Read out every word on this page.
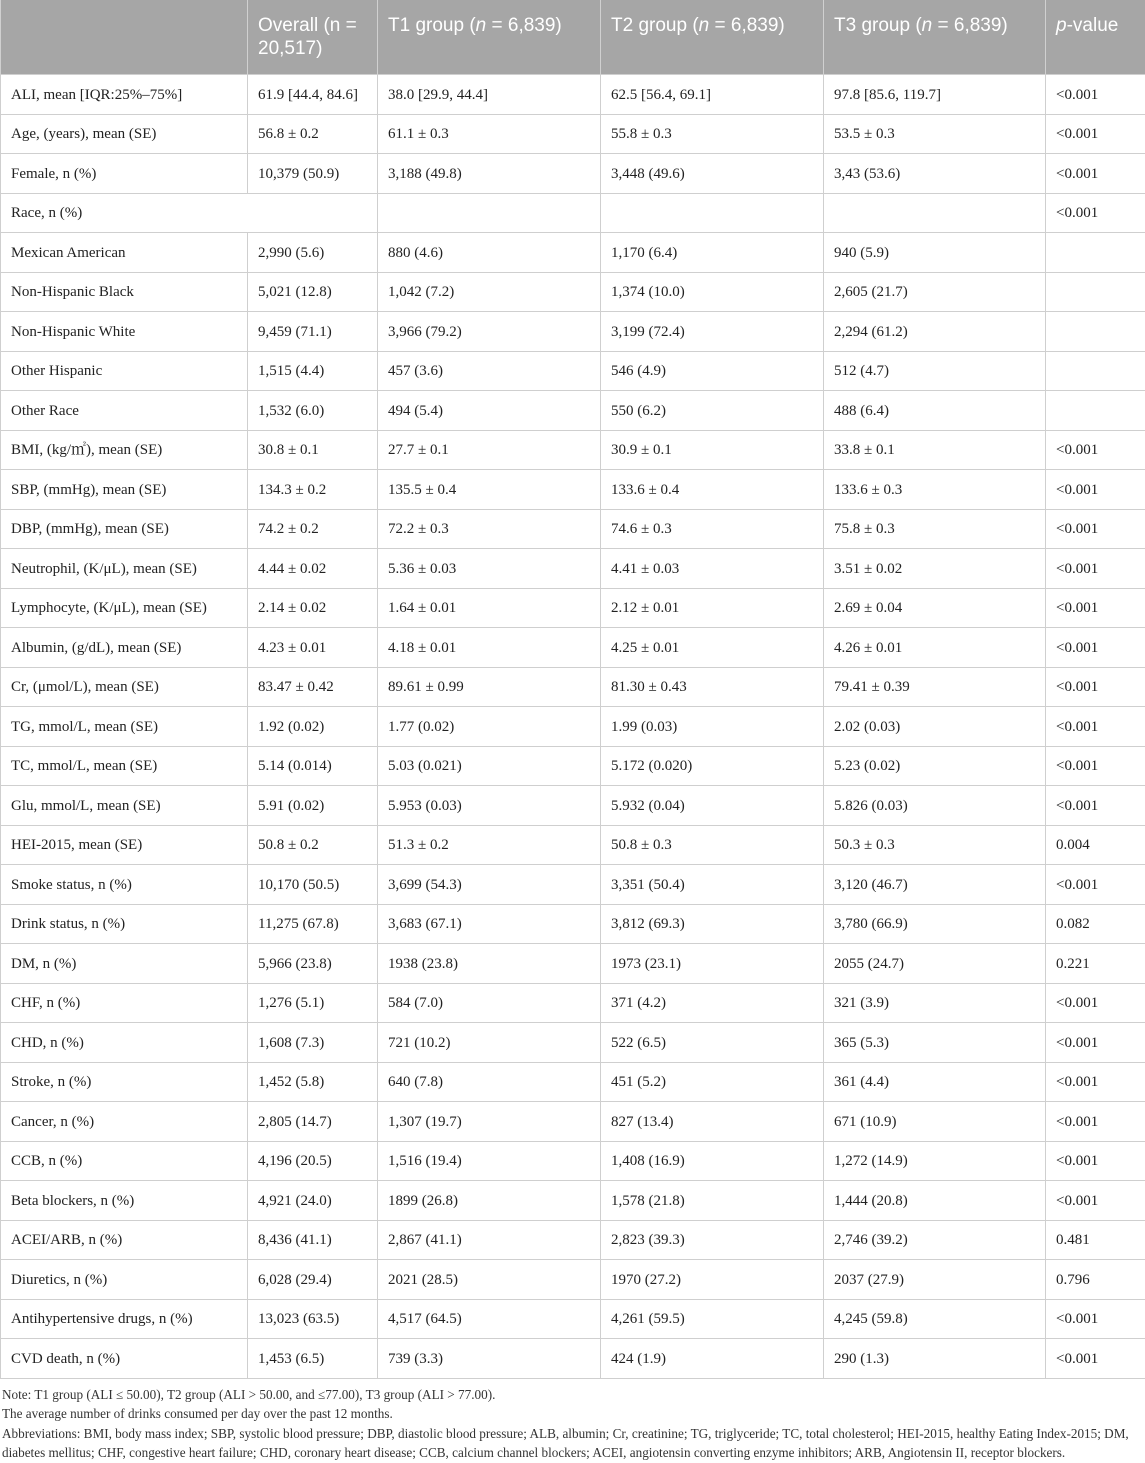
	Overall (n = 20,517)	T1 group (n = 6,839)	T2 group (n = 6,839)	T3 group (n = 6,839)	p-value
ALI, mean [IQR:25%–75%]	61.9 [44.4, 84.6]	38.0 [29.9, 44.4]	62.5 [56.4, 69.1]	97.8 [85.6, 119.7]	<0.001
Age, (years), mean (SE)	56.8 ± 0.2	61.1 ± 0.3	55.8 ± 0.3	53.5 ± 0.3	<0.001
Female, n (%)	10,379 (50.9)	3,188 (49.8)	3,448 (49.6)	3,43 (53.6)	<0.001
Race, n (%)					<0.001
Mexican American	2,990 (5.6)	880 (4.6)	1,170 (6.4)	940 (5.9)	
Non-Hispanic Black	5,021 (12.8)	1,042 (7.2)	1,374 (10.0)	2,605 (21.7)	
Non-Hispanic White	9,459 (71.1)	3,966 (79.2)	3,199 (72.4)	2,294 (61.2)	
Other Hispanic	1,515 (4.4)	457 (3.6)	546 (4.9)	512 (4.7)	
Other Race	1,532 (6.0)	494 (5.4)	550 (6.2)	488 (6.4)	
BMI, (kg/㎡), mean (SE)	30.8 ± 0.1	27.7 ± 0.1	30.9 ± 0.1	33.8 ± 0.1	<0.001
SBP, (mmHg), mean (SE)	134.3 ± 0.2	135.5 ± 0.4	133.6 ± 0.4	133.6 ± 0.3	<0.001
DBP, (mmHg), mean (SE)	74.2 ± 0.2	72.2 ± 0.3	74.6 ± 0.3	75.8 ± 0.3	<0.001
Neutrophil, (K/μL), mean (SE)	4.44 ± 0.02	5.36 ± 0.03	4.41 ± 0.03	3.51 ± 0.02	<0.001
Lymphocyte, (K/μL), mean (SE)	2.14 ± 0.02	1.64 ± 0.01	2.12 ± 0.01	2.69 ± 0.04	<0.001
Albumin, (g/dL), mean (SE)	4.23 ± 0.01	4.18 ± 0.01	4.25 ± 0.01	4.26 ± 0.01	<0.001
Cr, (μmol/L), mean (SE)	83.47 ± 0.42	89.61 ± 0.99	81.30 ± 0.43	79.41 ± 0.39	<0.001
TG, mmol/L, mean (SE)	1.92 (0.02)	1.77 (0.02)	1.99 (0.03)	2.02 (0.03)	<0.001
TC, mmol/L, mean (SE)	5.14 (0.014)	5.03 (0.021)	5.172 (0.020)	5.23 (0.02)	<0.001
Glu, mmol/L, mean (SE)	5.91 (0.02)	5.953 (0.03)	5.932 (0.04)	5.826 (0.03)	<0.001
HEI-2015, mean (SE)	50.8 ± 0.2	51.3 ± 0.2	50.8 ± 0.3	50.3 ± 0.3	0.004
Smoke status, n (%)	10,170 (50.5)	3,699 (54.3)	3,351 (50.4)	3,120 (46.7)	<0.001
Drink status, n (%)	11,275 (67.8)	3,683 (67.1)	3,812 (69.3)	3,780 (66.9)	0.082
DM, n (%)	5,966 (23.8)	1938 (23.8)	1973 (23.1)	2055 (24.7)	0.221
CHF, n (%)	1,276 (5.1)	584 (7.0)	371 (4.2)	321 (3.9)	<0.001
CHD, n (%)	1,608 (7.3)	721 (10.2)	522 (6.5)	365 (5.3)	<0.001
Stroke, n (%)	1,452 (5.8)	640 (7.8)	451 (5.2)	361 (4.4)	<0.001
Cancer, n (%)	2,805 (14.7)	1,307 (19.7)	827 (13.4)	671 (10.9)	<0.001
CCB, n (%)	4,196 (20.5)	1,516 (19.4)	1,408 (16.9)	1,272 (14.9)	<0.001
Beta blockers, n (%)	4,921 (24.0)	1899 (26.8)	1,578 (21.8)	1,444 (20.8)	<0.001
ACEI/ARB, n (%)	8,436 (41.1)	2,867 (41.1)	2,823 (39.3)	2,746 (39.2)	0.481
Diuretics, n (%)	6,028 (29.4)	2021 (28.5)	1970 (27.2)	2037 (27.9)	0.796
Antihypertensive drugs, n (%)	13,023 (63.5)	4,517 (64.5)	4,261 (59.5)	4,245 (59.8)	<0.001
CVD death, n (%)	1,453 (6.5)	739 (3.3)	424 (1.9)	290 (1.3)	<0.001
Note: T1 group (ALI ≤ 50.00), T2 group (ALI > 50.00, and ≤77.00), T3 group (ALI > 77.00).
The average number of drinks consumed per day over the past 12 months.
Abbreviations: BMI, body mass index; SBP, systolic blood pressure; DBP, diastolic blood pressure; ALB, albumin; Cr, creatinine; TG, triglyceride; TC, total cholesterol; HEI-2015, healthy Eating Index-2015; DM, diabetes mellitus; CHF, congestive heart failure; CHD, coronary heart disease; CCB, calcium channel blockers; ACEI, angiotensin converting enzyme inhibitors; ARB, Angiotensin II, receptor blockers.
